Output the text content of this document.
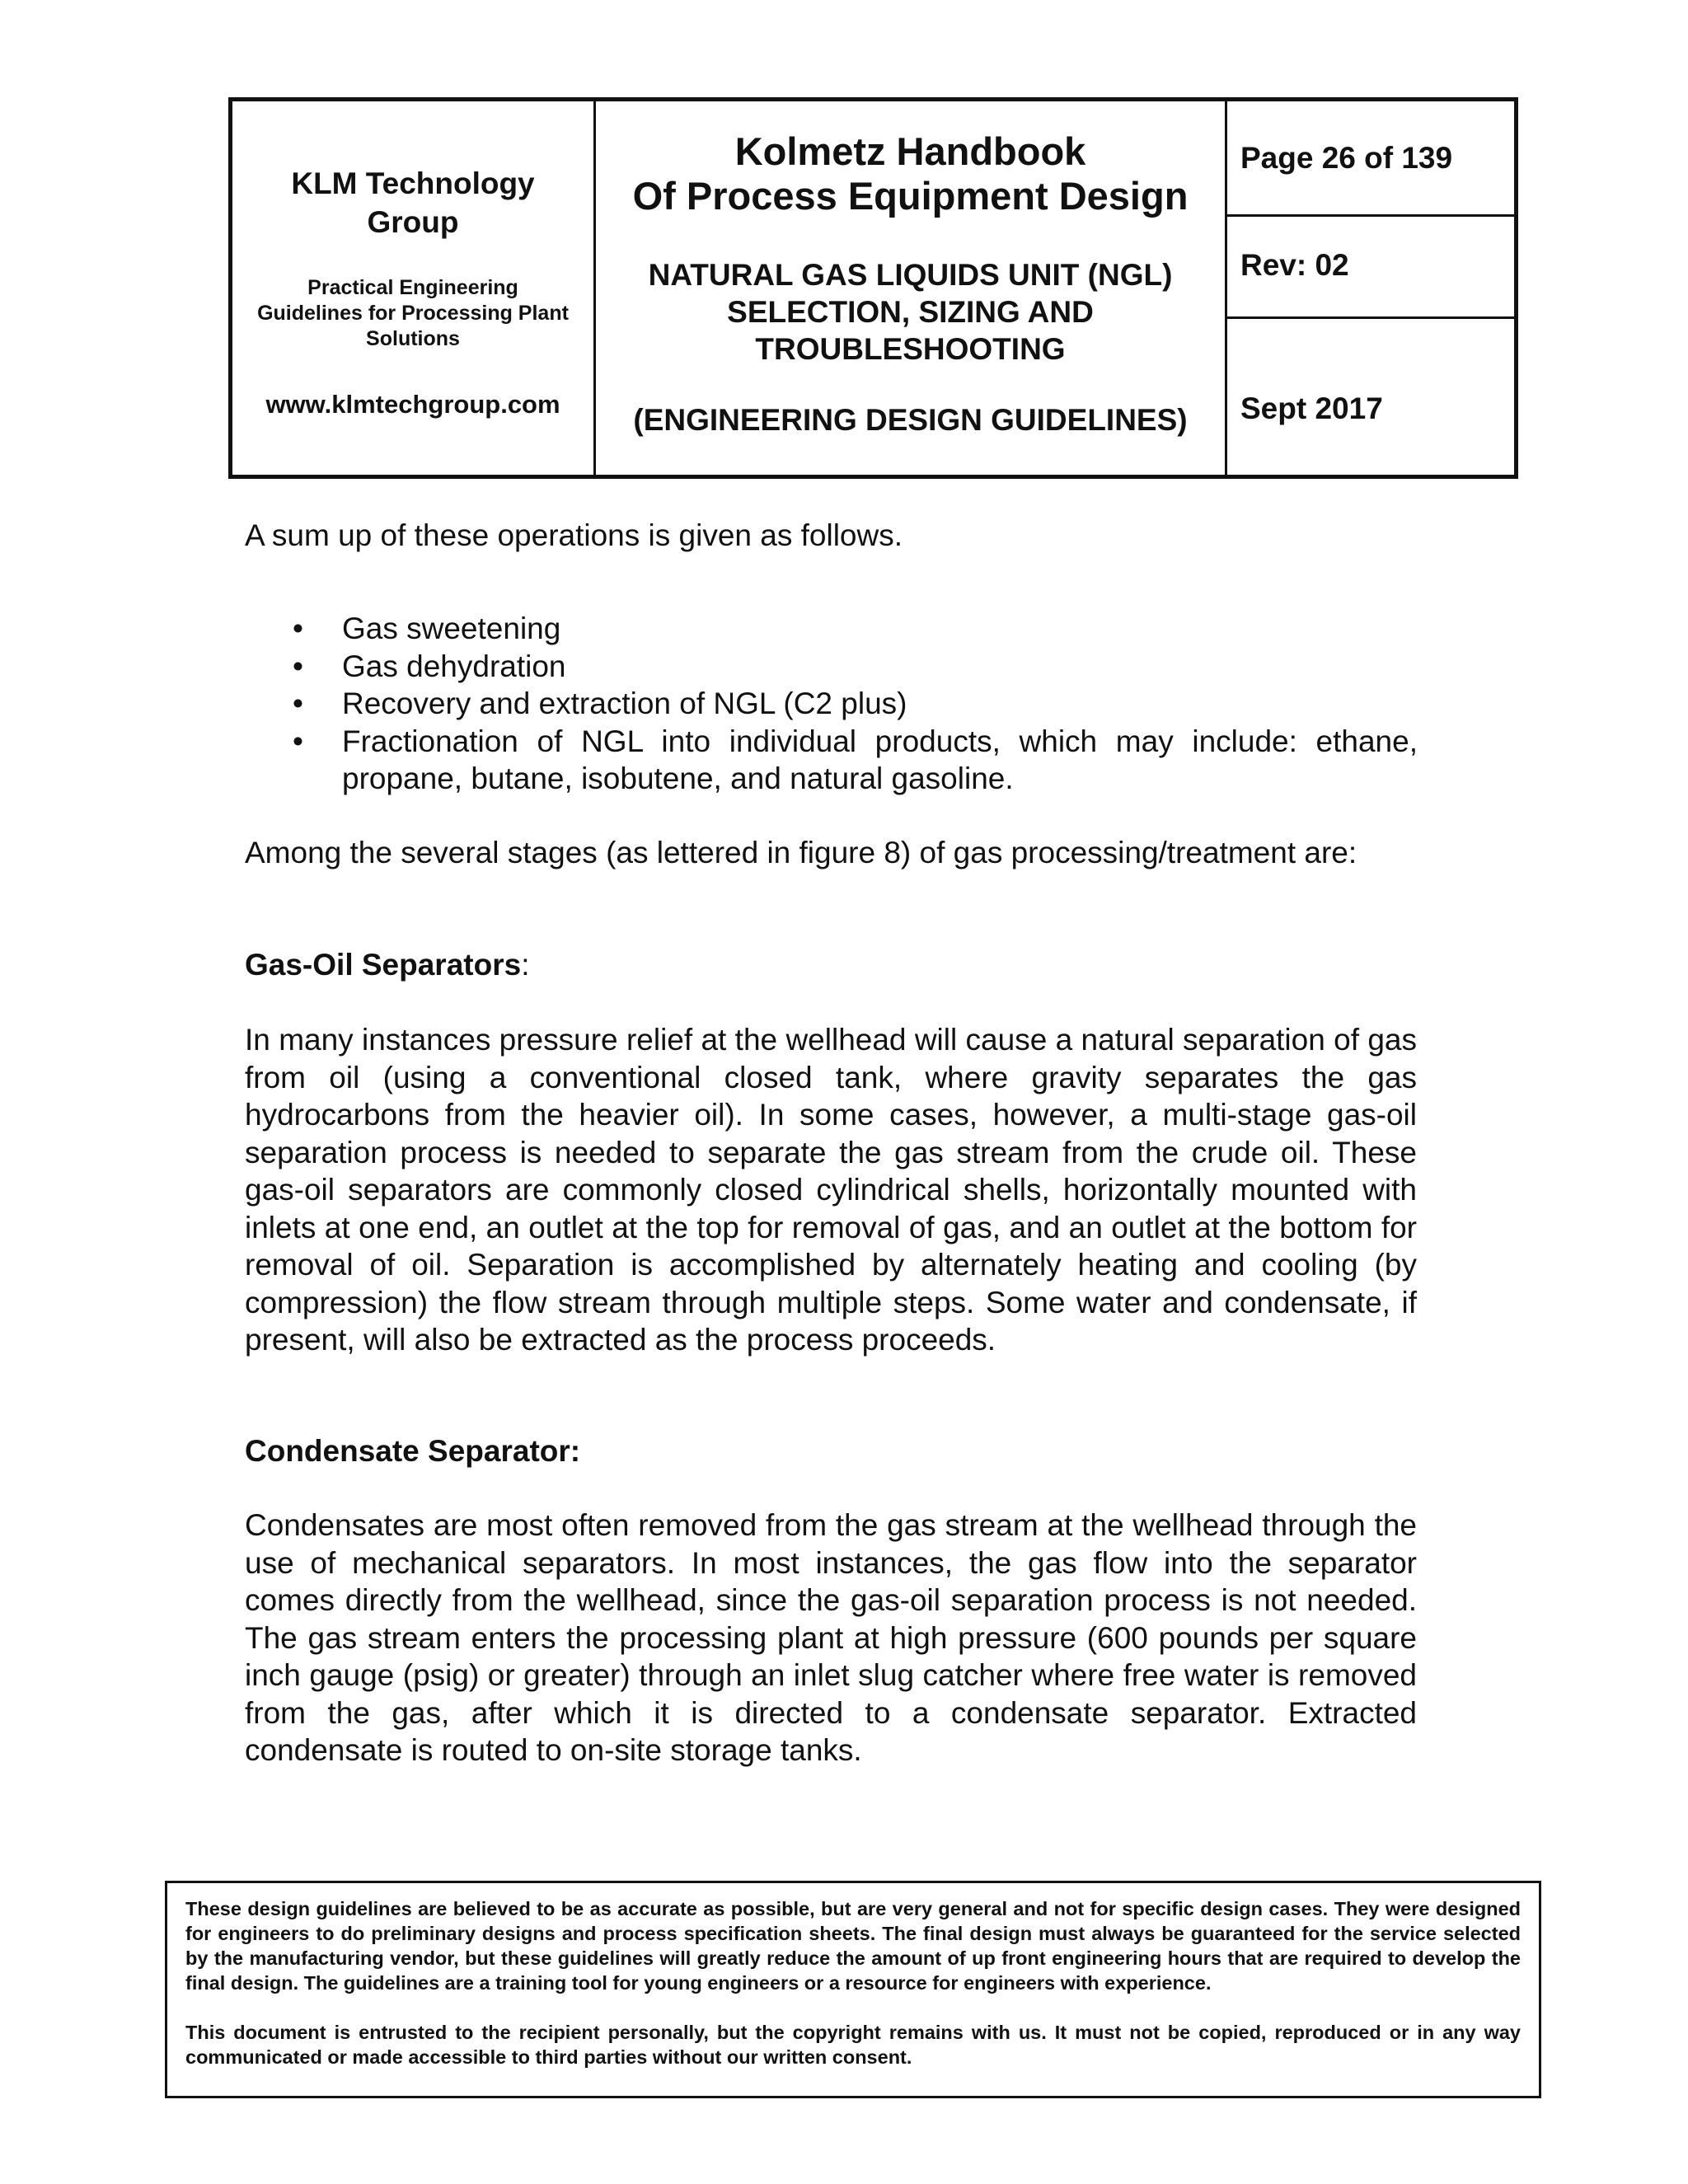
KLM Technology
Group
Practical Engineering
Guidelines for Processing Plant
Solutions
www.klmtechgroup.com
Kolmetz Handbook
Of Process Equipment Design
NATURAL GAS LIQUIDS UNIT (NGL)
SELECTION, SIZING AND
TROUBLESHOOTING
(ENGINEERING DESIGN GUIDELINES)
Page 26 of 139
Rev: 02
Sept 2017
A sum up of these operations is given as follows.
• Gas sweetening
• Gas dehydration
• Recovery and extraction of NGL (C2 plus)
• Fractionation of NGL into individual products, which may include: ethane, propane, butane, isobutene, and natural gasoline.
Among the several stages (as lettered in figure 8) of gas processing/treatment are:
Gas-Oil Separators:
In many instances pressure relief at the wellhead will cause a natural separation of gas from oil (using a conventional closed tank, where gravity separates the gas hydrocarbons from the heavier oil). In some cases, however, a multi-stage gas-oil separation process is needed to separate the gas stream from the crude oil. These gas-oil separators are commonly closed cylindrical shells, horizontally mounted with inlets at one end, an outlet at the top for removal of gas, and an outlet at the bottom for removal of oil. Separation is accomplished by alternately heating and cooling (by compression) the flow stream through multiple steps. Some water and condensate, if present, will also be extracted as the process proceeds.
Condensate Separator:
Condensates are most often removed from the gas stream at the wellhead through the use of mechanical separators. In most instances, the gas flow into the separator comes directly from the wellhead, since the gas-oil separation process is not needed. The gas stream enters the processing plant at high pressure (600 pounds per square inch gauge (psig) or greater) through an inlet slug catcher where free water is removed from the gas, after which it is directed to a condensate separator. Extracted condensate is routed to on-site storage tanks.

These design guidelines are believed to be as accurate as possible, but are very general and not for specific design cases. They were designed for engineers to do preliminary designs and process specification sheets. The final design must always be guaranteed for the service selected by the manufacturing vendor, but these guidelines will greatly reduce the amount of up front engineering hours that are required to develop the final design. The guidelines are a training tool for young engineers or a resource for engineers with experience.

This document is entrusted to the recipient personally, but the copyright remains with us. It must not be copied, reproduced or in any way communicated or made accessible to third parties without our written consent.
